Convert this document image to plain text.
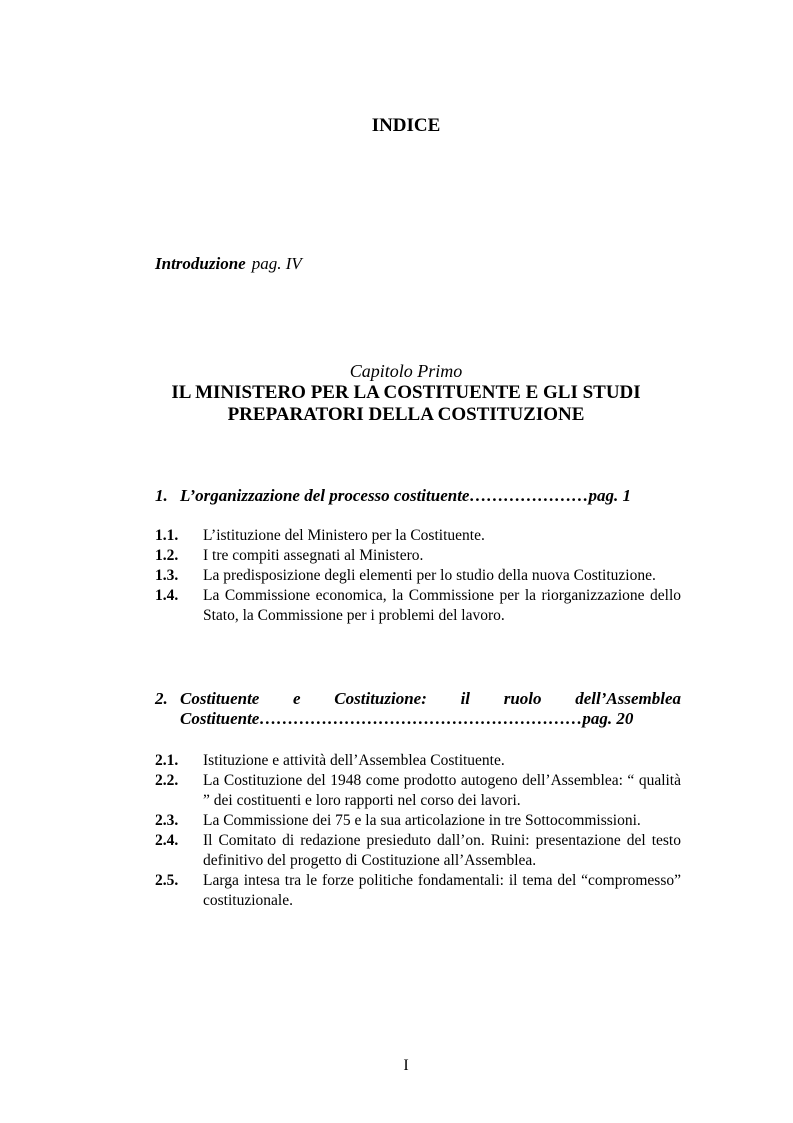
INDICE
Introduzione pag. IV
Capitolo Primo
IL MINISTERO PER LA COSTITUENTE E GLI STUDI
PREPARATORI DELLA COSTITUZIONE
1. L’organizzazione del processo costituente…………………pag. 1
1.1.	L’istituzione del Ministero per la Costituente.
1.2.	I tre compiti assegnati al Ministero.
1.3.	La predisposizione degli elementi per lo studio della nuova Costituzione.
1.4.	La Commissione economica, la Commissione per la riorganizzazione dello Stato, la Commissione per i problemi del lavoro.
2. Costituente e Costituzione: il ruolo dell’Assemblea
Costituente…………………………………………………pag. 20
2.1.	Istituzione e attività dell’Assemblea Costituente.
2.2.	La Costituzione del 1948 come prodotto autogeno dell’Assemblea: “ qualità ” dei costituenti e loro rapporti nel corso dei lavori.
2.3.	La Commissione dei 75 e la sua articolazione in tre Sottocommissioni.
2.4.	Il Comitato di redazione presieduto dall’on. Ruini: presentazione del testo definitivo del progetto di Costituzione all’Assemblea.
2.5.	Larga intesa tra le forze politiche fondamentali: il tema del “compromesso” costituzionale.
I
